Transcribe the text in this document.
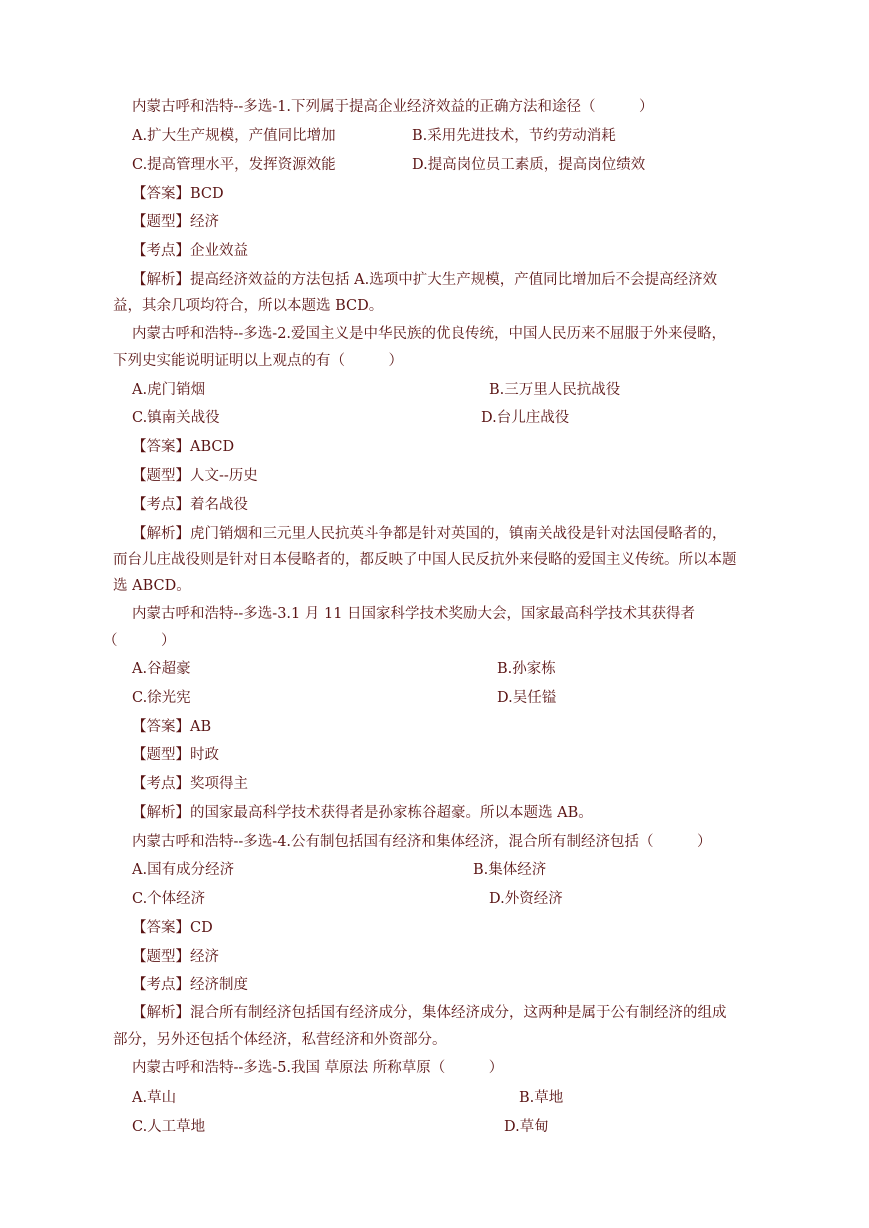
内蒙古呼和浩特--多选-1.下列属于提高企业经济效益的正确方法和途径（　　　）
A.扩大生产规模，产值同比增加	B.采用先进技术，节约劳动消耗
C.提高管理水平，发挥资源效能	D.提高岗位员工素质，提高岗位绩效
【答案】BCD
【题型】经济
【考点】企业效益
【解析】提高经济效益的方法包括 A.选项中扩大生产规模，产值同比增加后不会提高经济效
益，其余几项均符合，所以本题选 BCD。
内蒙古呼和浩特--多选-2.爱国主义是中华民族的优良传统，中国人民历来不屈服于外来侵略，
下列史实能说明证明以上观点的有（　　　）
A.虎门销烟	B.三万里人民抗战役
C.镇南关战役	D.台儿庄战役
【答案】ABCD
【题型】人文--历史
【考点】着名战役
【解析】虎门销烟和三元里人民抗英斗争都是针对英国的，镇南关战役是针对法国侵略者的，
而台儿庄战役则是针对日本侵略者的，都反映了中国人民反抗外来侵略的爱国主义传统。所以本题
选 ABCD。
内蒙古呼和浩特--多选-3.1 月 11 日国家科学技术奖励大会，国家最高科学技术其获得者
（　　　）
A.谷超豪	B.孙家栋
C.徐光宪	D.吴任镒
【答案】AB
【题型】时政
【考点】奖项得主
【解析】的国家最高科学技术获得者是孙家栋谷超豪。所以本题选 AB。
内蒙古呼和浩特--多选-4.公有制包括国有经济和集体经济，混合所有制经济包括（　　　）
A.国有成分经济	B.集体经济
C.个体经济	D.外资经济
【答案】CD
【题型】经济
【考点】经济制度
【解析】混合所有制经济包括国有经济成分，集体经济成分，这两种是属于公有制经济的组成
部分，另外还包括个体经济，私营经济和外资部分。
内蒙古呼和浩特--多选-5.我国 草原法 所称草原（　　　）
A.草山	B.草地
C.人工草地	D.草甸
